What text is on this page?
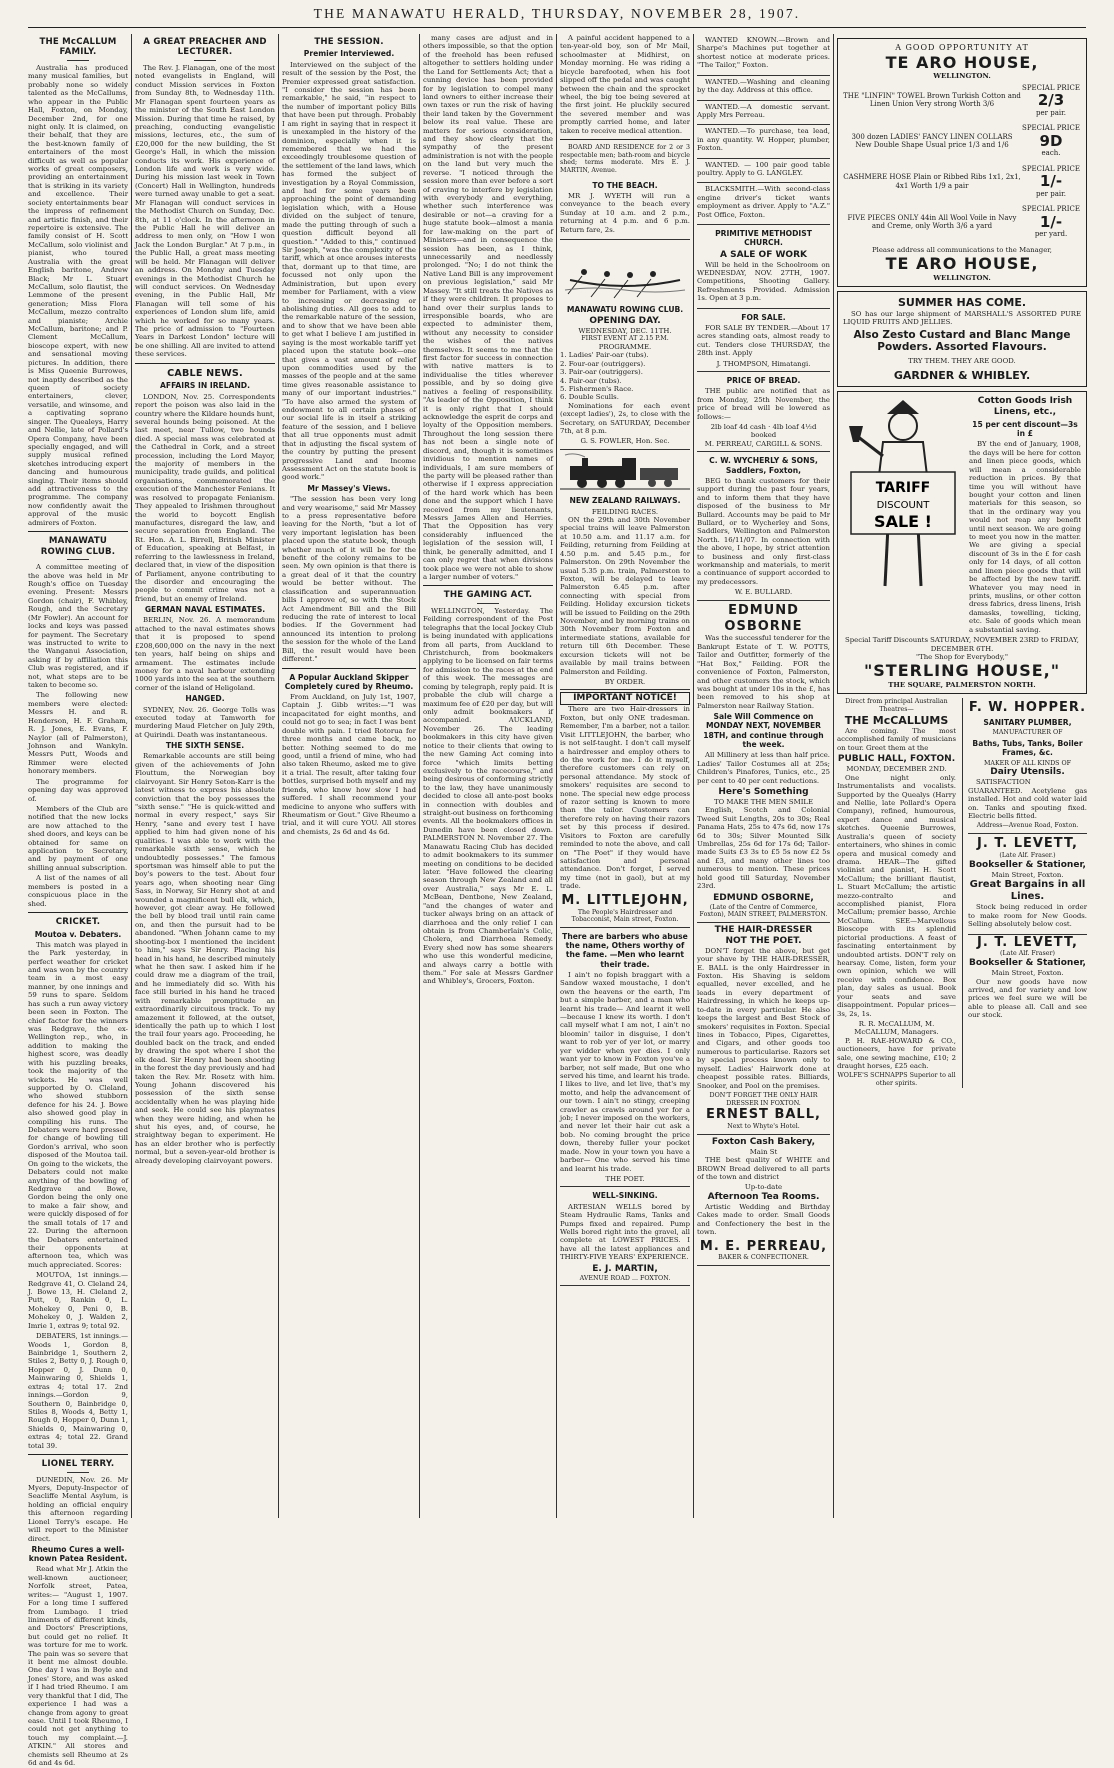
THE MANAWATU HERALD, THURSDAY, NOVEMBER 28, 1907.
THE McCALLUM FAMILY.

Australia has produced many musical families, but probably none so widely talented as the McCallums, who appear in the Public Hall, Foxton, on Monday, December 2nd, for one night only. It is claimed, on their behalf, that they are the best-known family of entertainers of the most difficult as well as popular works of great composers, providing an entertainment that is striking in its variety and excellence. Their society entertainments bear the impress of refinement and artistic finish, and their repertoire is extensive. The family consist of H. Scott McCallum, solo violinist and pianist, who toured Australia with the great English baritone, Andrew Black; Mr L. Stuart McCallum, solo flautist, the Lemmone of the present generation; Miss Flora McCallum, mezzo contralto and pianiste; Archie McCallum, baritone; and P. Clement McCallum, bioscope expert, with new and sensational moving pictures. In addition, there is Miss Queenie Burrowes, not inaptly described as the queen of society entertainers, clever, versatile, and winsome, and a captivating soprano singer. The Quealeys, Harry and Nellie, late of Pollard's Opera Company, have been specially engaged, and will supply musical refined sketches introducing expert dancing and humourous singing. Their items should add attractiveness to the programme. The company now confidently await the approval of the music admirers of Foxton.

MANAWATU ROWING CLUB.

A committee meeting of the above was held in Mr Rough's office on Tuesday evening. Present: Messrs Gordon (chair), F. Whibley, Rough, and the Secretary (Mr Fowler). An account for locks and keys was passed for payment. The Secretary was instructed to write to the Wanganui Association, asking if by affiliation this Club was registered, and if not, what steps are to be taken to become so.

The following new members were elected: Messrs H. and R. Henderson, H. F. Graham, R. J. Jones, E. Evans, F. Naylor (all of Palmerston), Johnson and Wankyln. Messrs Putt, Woods and Rimmer were elected honorary members.

The programme for opening day was approved of.

Members of the Club are notified that the new locks are now attached to the shed doors, and keys can be obtained for same on application to Secretary, and by payment of one shilling annual subscription.

A list of the names of all members is posted in a conspicuous place in the shed.

CRICKET.
Moutoa v. Debaters.

This match was played in the Park yesterday, in perfect weather for cricket and was won by the country team in a most easy manner, by one innings and 59 runs to spare. Seldom has such a run away victory been seen in Foxton. The chief factor for the winners was Redgrave, the ex-Wellington rep., who, in addition to making the highest score, was deadly with his puzzling breaks, took the majority of the wickets. He was well supported by O. Cleland, who showed stubborn defence for his 24. J. Bowe also showed good play in compiling his runs. The Debaters were hard pressed for change of bowling till Gordon's arrival, who soon disposed of the Moutoa tail. On going to the wickets, the Debaters could not make anything of the bowling of Redgrave and Bowe, Gordon being the only one to make a fair show, and were quickly disposed of for the small totals of 17 and 22. During the afternoon the Debaters entertained their opponents at afternoon tea, which was much appreciated. Scores:

MOUTOA, 1st innings.—Redgrave 41, O. Cleland 24, J. Bowe 13, H. Cleland 2, Putt, 0, Rankin 0, L. Mohekey 0, Peni 0, B. Mohekey 0, J. Walden 2, Imrie 1, extras 9; total 92.

DEBATERS, 1st innings.—Woods 1, Gordon 8, Bainbridge 1, Southern 2, Stiles 2, Betty 0, J. Rough 0, Hopper 0, J. Dunn 0, Mainwaring 0, Shields 1, extras 4; total 17. 2nd innings.—Gordon 9, Southern 0, Bainbridge 0, Stiles 8, Woods 4, Betty 1, Rough 0, Hopper 0, Dunn 1, Shields 0, Mainwaring 0, extras 4; total 22. Grand total 39.

LIONEL TERRY.

DUNEDIN, Nov. 26. Mr Myers, Deputy-Inspector of Seacliffe Mental Asylum, is holding an official enquiry this afternoon regarding Lionel Terry's escape. He will report to the Minister direct.

Rheumo Cures a well-known Patea Resident.

Read what Mr J. Atkin the well-known auctioneer, Norfolk street, Patea, writes:— "August 1, 1907. For a long time I suffered from Lumbago. I tried liniments of different kinds, and Doctors' Prescriptions, but could get no relief. It was torture for me to work. The pain was so severe that it bent me almost double. One day I was in Boyle and Jones' Store, and was asked if I had tried Rheumo. I am very thankful that I did, The experience I had was a change from agony to great ease. Until I took Rheumo, I could not get anything to touch my complaint.—J. ATKIN." All stores and chemists sell Rheumo at 2s 6d and 4s 6d.

A GREAT PREACHER AND LECTURER.

The Rev. J. Flanagan, one of the most noted evangelists in England, will conduct Mission services in Foxton from Sunday 8th, to Wednesday 11th. Mr Flanagan spent fourteen years as the minister of the South East London Mission. During that time he raised, by preaching, conducting evangelistic missions, lectures, etc., the sum of £20,000 for the new building, the St George's Hall, in which the mission conducts its work. His experience of London life and work is very wide. During his mission last week in Town (Concert) Hall in Wellington, hundreds were turned away unable to get a seat. Mr Flanagan will conduct services in the Methodist Church on Sunday, Dec. 8th, at 11 o'clock. In the afternoon in the Public Hall he will deliver an address to men only, on "How I won Jack the London Burglar." At 7 p.m., in the Public Hall, a great mass meeting will be held. Mr Flanagan will deliver an address. On Monday and Tuesday evenings in the Methodist Church he will conduct services. On Wednesday evening, in the Public Hall, Mr Flanagan will tell some of his experiences of London slum life, amid which he worked for so many years. The price of admission to "Fourteen Years in Darkest London" lecture will be one shilling. All are invited to attend these services.

CABLE NEWS.
AFFAIRS IN IRELAND.

LONDON, Nov. 25. Correspondents report the poison was also laid in the country where the Kildare hounds hunt, several hounds being poisoned. At the last meet, near Tullow, two hounds died. A special mass was celebrated at the Cathedral in Cork, and a street procession, including the Lord Mayor, the majority of members in the municipality, trade guilds, and political organisations, commemorated the execution of the Manchester Fenians. It was resolved to propagate Fenianism. They appealed to Irishmen throughout the world to boycott English manufactures, disregard the law, and secure separation from England. The Rt. Hon. A. L. Birrell, British Minister of Education, speaking at Belfast, in referring to the lawlessness in Ireland, declared that, in view of the disposition of Parliament, anyone contributing to the disorder and encouraging the people to commit crime was not a friend, but an enemy of Ireland.

GERMAN NAVAL ESTIMATES.

BERLIN, Nov. 26. A memorandum attached to the naval estimates shows that it is proposed to spend £208,600,000 on the navy in the next ten years, half being on ships and armament. The estimates include money for a naval harbour extending 1000 yards into the sea at the southern corner of the island of Heligoland.

HANGED.

SYDNEY, Nov. 26. George Tolls was executed today at Tamworth for murdering Maud Fletcher on July 29th, at Quirindi. Death was instantaneous.

THE SIXTH SENSE.

Remarkable accounts are still being given of the achievements of John Flouttum, the Norwegian boy clairvoyant. Sir Henry Seton-Karr is the latest witness to express his absolute conviction that the boy possesses the "sixth sense." "He is quick-witted and normal in every respect," says Sir Henry, "sane and every test I have applied to him had given none of his qualities. I was able to work with the remarkable sixth sense, which he undoubtedly possesses." The famous sportsman was himself able to put the boy's powers to the test. About four years ago, when shooting near Ging Sass, in Norway, Sir Henry shot at and wounded a magnificent bull elk, which, however, got clear away. He followed the bell by blood trail until rain came on, and then the pursuit had to be abandoned. "When Johann came to my shooting-box I mentioned the incident to him," says Sir Henry. Placing his head in his hand, he described minutely what he then saw. I asked him if he could draw me a diagram of the trail, and he immediately did so. With his face still buried in his hand he traced with remarkable promptitude an extraordinarily circuitous track. To my amazement it followed, at the outset, identically the path up to which I lost the trail four years ago. Proceeding, he doubled back on the track, and ended by drawing the spot where I shot the elk dead. Sir Henry had been shooting in the forest the day previously and had taken the Rev. Mr. Rosetz with him. Young Johann discovered his possession of the sixth sense accidentally when he was playing hide and seek. He could see his playmates when they were hiding, and when he shut his eyes, and, of course, he straightway began to experiment. He has an elder brother who is perfectly normal, but a seven-year-old brother is already developing clairvoyant powers.

THE SESSION.
Premier Interviewed.

Interviewed on the subject of the result of the session by the Post, the Premier expressed great satisfaction. "I consider the session has been remarkable," he said, "in respect to the number of important policy Bills that have been put through. Probably I am right in saying that in respect it is unexampled in the history of the dominion, especially when it is remembered that we had the exceedingly troublesome question of the settlement of the land laws, which has formed the subject of investigation by a Royal Commission, and had for some years been approaching the point of demanding legislation which, with a House divided on the subject of tenure, made the putting through of such a question difficult beyond all question." "Added to this," continued Sir Joseph, "was the complexity of the tariff, which at once arouses interests that, dormant up to that time, are focussed not only upon the Administration, but upon every member for Parliament, with a view to increasing or decreasing or abolishing duties. All goes to add to the remarkable nature of the session, and to show that we have been able to get what I believe I am justified in saying is the most workable tariff yet placed upon the statute book—one that gives a vast amount of relief upon commodities used by the masses of the people and at the same time gives reasonable assistance to many of our important industries." "To have also armed the system of endowment to all certain phases of our social life is in itself a striking feature of the session, and I believe that all true opponents must admit that in adjusting the fiscal system of the country by putting the present progressive Land and Income Assessment Act on the statute book is good work."

Mr Massey's Views.

"The session has been very long and very wearisome," said Mr Massey to a press representative before leaving for the North, "but a lot of very important legislation has been placed upon the statute book, though whether much of it will be for the benefit of the colony remains to be seen. My own opinion is that there is a great deal of it that the country would be better without. The classification and superannuation bills I approve of, so with the Stock Act Amendment Bill and the Bill reducing the rate of interest to local bodies. If the Government had announced its intention to prolong the session for the whole of the Land Bill, the result would have been different."

A Popular Auckland Skipper Completely cured by Rheumo.

From Auckland, on July 1st, 1907, Captain J. Gibb writes:—"I was incapacitated for eight months, and could not go to sea; in fact I was bent double with pain. I tried Rotorua for three months and came back, no better. Nothing seemed to do me good, until a friend of mine, who had also taken Rheumo, asked me to give it a trial. The result, after taking four bottles, surprised both myself and my friends, who know how slow I had suffered. I shall recommend your medicine to anyone who suffers with Rheumatism or Gout." Give Rheumo a trial, and it will cure YOU. All stores and chemists, 2s 6d and 4s 6d.

many cases are adjust and in others impossible, so that the option of the freehold has been refused altogether to settlers holding under the Land for Settlements Act; that a cunning device has been provided for by legislation to compel many land owners to either increase their own taxes or run the risk of having their land taken by the Government below its real value. These are matters for serious consideration, and they show clearly that the sympathy of the present administration is not with the people on the land but very much the reverse. "I noticed through the session more than ever before a sort of craving to interfere by legislation with everybody and everything, whether such interference was desirable or not—a craving for a huge statute book—almost a mania for law-making on the part of Ministers—and in consequence the session has been, as I think, unnecessarily and needlessly prolonged. "No; I do not think the Native Land Bill is any improvement on previous legislation," said Mr Massey. "It still treats the Natives as if they were children. It proposes to hand over their surplus lands to irresponsible boards, who are expected to administer them, without any necessity to consider the wishes of the natives themselves. It seems to me that the first factor for success in connection with native matters is to individualise the titles wherever possible, and by so doing give natives a feeling of responsibility. "As leader of the Opposition, I think it is only right that I should acknowledge the esprit de corps and loyalty of the Opposition members. Throughout the long session there has not been a single note of discord, and, though it is sometimes invidious to mention names of individuals, I am sure members of the party will be pleased rather than otherwise if I express appreciation of the hard work which has been done and the support which I have received from my lieutenants, Messrs James Allen and Herries. That the Opposition has very considerably influenced the legislation of the session will, I think, be generally admitted, and I can only regret that when divisions took place we were not able to show a larger number of voters."

THE GAMING ACT.

WELLINGTON, Yesterday. The Feilding correspondent of the Post telegraphs that the local Jockey Club is being inundated with applications from all parts, from Auckland to Christchurch, from bookmakers applying to be licensed on fair terms for admission to the races at the end of this week. The messages are coming by telegraph, reply paid. It is probable the club will charge a maximum fee of £20 per day, but will only admit bookmakers if accompanied. AUCKLAND, November 26. The leading bookmakers in this city have given notice to their clients that owing to the new Gaming Act coming into force "which limits betting exclusively to the racecourse," and being desirous of conforming strictly to the law, they have unanimously decided to close all ante-post books in connection with doubles and straight-out business on forthcoming events. All the bookmakers offices in Dunedin have been closed down. PALMERSTON N. November 27. The Manawatu Racing Club has decided to admit bookmakers to its summer meeting on conditions to be decided later. "Have followed the clearing season through New Zealand and all over Australia," says Mr E. L. McBean, Dentbone, New Zealand, "and the changes of water and tucker always bring on an attack of diarrhoea and the only relief I can obtain is from Chamberlain's Colic, Cholera, and Diarrhoea Remedy. Every shed now has some shearers who use this wonderful medicine, and always carry a bottle with them." For sale at Messrs Gardner and Whibley's, Grocers, Foxton.

A painful accident happened to a ten-year-old boy, son of Mr Mail, schoolmaster at Midhirst, on Monday morning. He was riding a bicycle barefooted, when his foot slipped off the pedal and was caught between the chain and the sprocket wheel, the big toe being severed at the first joint. He pluckily secured the severed member and was promptly carried home, and later taken to receive medical attention.

BOARD AND RESIDENCE for 2 or 3 respectable men; bath-room and bicycle shed; terms moderate. Mrs E. J. MARTIN, Avenue.

TO THE BEACH.

MR J. WYETH will run a conveyance to the beach every Sunday at 10 a.m. and 2 p.m., returning at 4 p.m. and 6 p.m. Return fare, 2s.

MANAWATU ROWING CLUB.
OPENING DAY.
WEDNESDAY, DEC. 11TH.
FIRST EVENT AT 2.15 P.M.
PROGRAMME.
1. Ladies' Pair-oar (tubs).
2. Four-oar (outriggers).
3. Pair-oar (outriggers).
4. Pair-oar (tubs).
5. Fishermen's Race.
6. Double Sculls.

Nominations for each event (except ladies'), 2s, to close with the Secretary, on SATURDAY, December 7th, at 8 p.m.

G. S. FOWLER, Hon. Sec.
NEW ZEALAND RAILWAYS.
FEILDING RACES.

ON the 29th and 30th November special trains will leave Palmerston at 10.50 a.m. and 11.17 a.m. for Feilding, returning from Feilding at 4.50 p.m. and 5.45 p.m., for Palmerston. On 29th November the usual 5.35 p.m. train, Palmerston to Foxton, will be delayed to leave Palmerston 6.45 p.m. after connecting with special from Feilding. Holiday excursion tickets will be issued to Feilding on the 29th November, and by morning trains on 30th November from Foxton and intermediate stations, available for return till 6th December. These excursion tickets will not be available by mail trains between Palmerston and Feilding.

BY ORDER.
IMPORTANT NOTICE!

There are two Hair-dressers in Foxton, but only ONE tradesman. Remember, I'm a barber, not a tailor. Visit LITTLEJOHN, the barber, who is not self-taught. I don't call myself a hairdresser and employ others to do the work for me. I do it myself, therefore customers can rely on personal attendance. My stock of smokers' requisites are second to none. The special new edge process of razor setting is known to more than the tailor. Customers can therefore rely on having their razors set by this process if desired. Visitors to Foxton are carefully reminded to note the above, and call on "The Poet" if they would have satisfaction and personal attendance. Don't forget, I served my time (not in gaol), but at my trade.

M. LITTLEJOHN,
The People's Hairdresser and Tobacconist, Main street, Foxton.
There are barbers who abuse the name, Others worthy of the fame. —Men who learnt their trade.

I ain't no fopish braggart with a Sandow waxed moustache, I don't own the heavens or the earth, I'm but a simple barber, and a man who learnt his trade— And learnt it well—because I knew its worth. I don't call myself what I am not, I ain't no bloomin' tailor in disguise, I don't want to rob yer of yer lot, or marry yer widder when yer dies. I only want yer to know in Foxton you've a barber, not self made, But one who served his time, and learnt his trade. I likes to live, and let live, that's my motto, and help the advancement of our town. I ain't no stingy, creeping crawler as crawls around yer for a job; I never imposed on the workers, and never let their hair cut ask a bob. No coming brought the price down, thereby fuller your pocket made. Now in your town you have a barber— One who served his time and learnt his trade.

THE POET.
WELL-SINKING.

ARTESIAN WELLS bored by Steam Hydraulic Rams, Tanks and Pumps fixed and repaired. Pump Wells bored right into the gravel, all complete at LOWEST PRICES. I have all the latest appliances and THIRTY-FIVE YEARS' EXPERIENCE.

E. J. MARTIN,
AVENUE ROAD ... FOXTON.

WANTED KNOWN.—Brown and Sharpe's Machines put together at shortest notice at moderate prices. "The Tailor," Foxton.

WANTED.—Washing and cleaning by the day. Address at this office.

WANTED.—A domestic servant. Apply Mrs Perreau.

WANTED.—To purchase, tea lead, in any quantity. W. Hopper, plumber, Foxton.

WANTED. — 100 pair good table poultry. Apply to G. LANGLEY.

BLACKSMITH.—With second-class engine driver's ticket wants employment as driver. Apply to "A.Z." Post Office, Foxton.

PRIMITIVE METHODIST CHURCH.
A SALE OF WORK

Will be held in the Schoolroom on WEDNESDAY, NOV. 27TH, 1907. Competitions, Shooting Gallery. Refreshments Provided. Admission 1s. Open at 3 p.m.

FOR SALE.

FOR SALE BY TENDER.—About 17 acres standing oats, almost ready to cut. Tenders close THURSDAY, the 28th inst. Apply

J. THOMPSON, Himatangi.
PRICE OF BREAD.

THE public are notified that as from Monday, 25th November, the price of bread will be lowered as follows:—

2lb loaf 4d cash · 4lb loaf 4½d booked
M. PERREAU, CARGILL & SONS.
C. W. WYCHERLY & SONS, Saddlers, Foxton,

BEG to thank customers for their support during the past four years, and to inform them that they have disposed of the business to Mr Bullard. Accounts may be paid to Mr Bullard, or to Wycherley and Sons, Saddlers, Wellington and Palmerston North. 16/11/07. In connection with the above, I hope, by strict attention to business and only first-class workmanship and materials, to merit a continuance of support accorded to my predecessors.

W. E. BULLARD.
EDMUND OSBORNE

Was the successful tenderer for the Bankrupt Estate of T. W. POTTS, Tailor and Outfitter, formerly of the "Hat Box," Feilding. FOR the convenience of Foxton, Palmerston, and other customers the stock, which was bought at under 10s in the £, has been removed to his shop at Palmerston near Railway Station.

Sale Will Commence on MONDAY NEXT, NOVEMBER 18TH, and continue through the week.

All Millinery at less than half price. Ladies' Tailor Costumes all at 25s; Children's Pinafores, Tunics, etc., 25 per cent to 40 per cent reductions.

Here's Something
TO MAKE THE MEN SMILE

English, Scotch and Colonial Tweed Suit Lengths, 20s to 30s; Real Panama Hats, 25s to 47s 6d, now 17s 6d to 30s; Silver Mounted Silk Umbrellas, 25s 6d for 17s 6d; Tailor-made Suits £3 3s to £5 5s now £2 5s and £3, and many other lines too numerous to mention. These prices hold good till Saturday, November 23rd.

EDMUND OSBORNE,
(Late of the Centre of Commerce, Foxton), MAIN STREET, PALMERSTON.
THE HAIR-DRESSER
NOT THE POET.

DON'T forget the above, but get your shave by THE HAIR-DRESSER, E. BALL is the only Hairdresser in Foxton. His Shaving is seldom equalled, never excelled, and he leads in every department of Hairdressing, in which he keeps up-to-date in every particular. He also keeps the largest and Best Stock of smokers' requisites in Foxton. Special lines in Tobacco, Pipes, Cigarettes, and Cigars, and other goods too numerous to particularise. Razors set by special process known only to myself. Ladies' Hairwork done at cheapest possible rates. Billiards, Snooker, and Pool on the premises.

DON'T FORGET THE ONLY HAIR DRESSER IN FOXTON.
ERNEST BALL,
Next to Whyte's Hotel.
Foxton Cash Bakery,
Main St

THE best quality of WHITE and BROWN Bread delivered to all parts of the town and district

Up-to-date
Afternoon Tea Rooms.

Artistic Wedding and Birthday Cakes made to order. Small Goods and Confectionery the best in the town.

M. E. PERREAU,
BAKER & CONFECTIONER.
A GOOD OPPORTUNITY AT
TE ARO HOUSE,
WELLINGTON.
THE "LINFIN" TOWEL Brown Turkish Cotton and Linen Union Very strong Worth 3/6
SPECIAL PRICE
2/3
per pair.
300 dozen LADIES' FANCY LINEN COLLARS New Double Shape Usual price 1/3 and 1/6
SPECIAL PRICE
9D
each.
CASHMERE HOSE Plain or Ribbed Ribs 1x1, 2x1, 4x1 Worth 1/9 a pair
SPECIAL PRICE
1/-
per pair.
FIVE PIECES ONLY 44in All Wool Voile in Navy and Creme, only Worth 3/6 a yard
SPECIAL PRICE
1/-
per yard.
Please address all communications to the Manager,
TE ARO HOUSE,
WELLINGTON.
SUMMER HAS COME.

SO has our large shipment of MARSHALL'S ASSORTED PURE LIQUID FRUITS AND JELLIES.

Also Zesto Custard and Blanc Mange Powders. Assorted Flavours.
TRY THEM. THEY ARE GOOD.
GARDNER & WHIBLEY.
TARIFF
DISCOUNT
SALE !
Cotton Goods Irish Linens, etc.,
15 per cent discount—3s in £

BY the end of January, 1908, the days will be here for cotton and linen piece goods, which will mean a considerable reduction in prices. By that time you will without have bought your cotton and linen materials for this season, so that in the ordinary way you would not reap any benefit until next season. We are going to meet you now in the matter. We are giving a special discount of 3s in the £ for cash only for 14 days, of all cotton and linen piece goods that will be affected by the new tariff. Whatever you may need in prints, muslins, or other cotton dress fabrics, dress linens, Irish damasks, towelling, ticking, etc. Sale of goods which mean a substantial saving.

Special Tariff Discounts SATURDAY, NOVEMBER 23RD to FRIDAY, DECEMBER 6TH.
"The Shop for Everybody,"
"STERLING HOUSE,"
THE SQUARE, PALMERSTON NORTH.
Direct from principal Australian Theatres—
THE McCALLUMS

Are coming. The most accomplished family of musicians on tour. Greet them at the

PUBLIC HALL, FOXTON.
MONDAY, DECEMBER 2ND.

One night only. Instrumentalists and vocalists. Supported by the Quealys (Harry and Nellie, late Pollard's Opera Company), refined, humourous, expert dance and musical sketches. Queenie Burrowes, Australia's queen of society entertainers, who shines in comic opera and musical comedy and drama. HEAR—The gifted violinist and pianist, H. Scott McCallum; the brilliant flautist, L. Stuart McCallum; the artistic mezzo-contralto and accomplished pianist, Flora McCallum; premier basso, Archie McCallum. SEE—Marvellous Bioscope with its splendid pictorial productions. A feast of fascinating entertainment by undoubted artists. DON'T rely on hearsay. Come, listen, form your own opinion, which we will receive with confidence. Box plan, day sales as usual. Book your seats and save disappointment. Popular prices—3s, 2s, 1s.

R. R. McCALLUM, M. McCALLUM, Managers.

P. H. RAE-HOWARD & CO., auctioneers, have for private sale, one sewing machine, £10; 2 draught horses, £25 each.

WOLFE'S SCHNAPPS Superior to all other spirits.
F. W. HOPPER.
SANITARY PLUMBER,
MANUFACTURER OF
Baths, Tubs, Tanks, Boiler Frames, &c.
MAKER OF ALL KINDS OF
Dairy Utensils.

SATISFACTION GUARANTEED. Acetylene gas installed. Hot and cold water laid on. Tanks and spouting fixed. Electric bells fitted.

Address—Avenue Road, Foxton.
J. T. LEVETT,
(Late Alf. Fraser.)
Bookseller & Stationer,
Main Street, Foxton.
Great Bargains in all Lines.

Stock being reduced in order to make room for New Goods. Selling absolutely below cost.

J. T. LEVETT,
(Late Alf. Fraser)
Bookseller & Stationer,
Main Street, Foxton.

Our new goods have now arrived, and for variety and low prices we feel sure we will be able to please all. Call and see our stock.
